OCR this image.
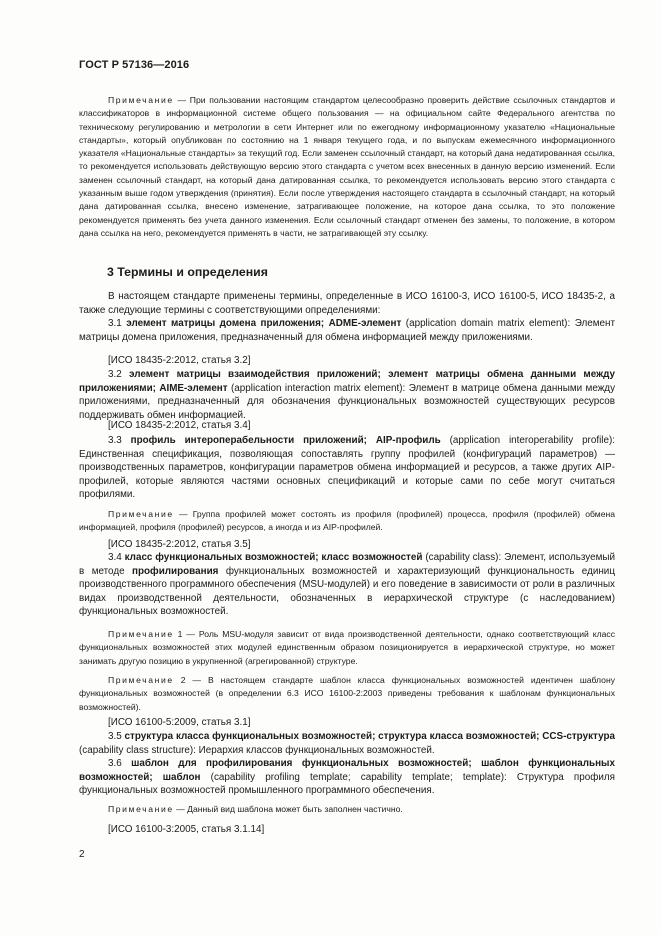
ГОСТ Р 57136—2016
Примечание — При пользовании настоящим стандартом целесообразно проверить действие ссылочных стандартов и классификаторов в информационной системе общего пользования — на официальном сайте Федерального агентства по техническому регулированию и метрологии в сети Интернет или по ежегодному информационному указателю «Национальные стандарты», который опубликован по состоянию на 1 января текущего года, и по выпускам ежемесячного информационного указателя «Национальные стандарты» за текущий год. Если заменен ссылочный стандарт, на который дана недатированная ссылка, то рекомендуется использовать действующую версию этого стандарта с учетом всех внесенных в данную версию изменений. Если заменен ссылочный стандарт, на который дана датированная ссылка, то рекомендуется использовать версию этого стандарта с указанным выше годом утверждения (принятия). Если после утверждения настоящего стандарта в ссылочный стандарт, на который дана датированная ссылка, внесено изменение, затрагивающее положение, на которое дана ссылка, то это положение рекомендуется применять без учета данного изменения. Если ссылочный стандарт отменен без замены, то положение, в котором дана ссылка на него, рекомендуется применять в части, не затрагивающей эту ссылку.
3 Термины и определения
В настоящем стандарте применены термины, определенные в ИСО 16100-3, ИСО 16100-5, ИСО 18435-2, а также следующие термины с соответствующими определениями:
3.1 элемент матрицы домена приложения; ADME-элемент (application domain matrix element): Элемент матрицы домена приложения, предназначенный для обмена информацией между приложениями.
[ИСО 18435-2:2012, статья 3.2]
3.2 элемент матрицы взаимодействия приложений; элемент матрицы обмена данными между приложениями; AIME-элемент (application interaction matrix element): Элемент в матрице обмена данными между приложениями, предназначенный для обозначения функциональных возможностей существующих ресурсов поддерживать обмен информацией.
[ИСО 18435-2:2012, статья 3.4]
3.3 профиль интероперабельности приложений; AIP-профиль (application interoperability profile): Единственная спецификация, позволяющая сопоставлять группу профилей (конфигураций параметров) — производственных параметров, конфигурации параметров обмена информацией и ресурсов, а также других AIP-профилей, которые являются частями основных спецификаций и которые сами по себе могут считаться профилями.
Примечание — Группа профилей может состоять из профиля (профилей) процесса, профиля (профилей) обмена информацией, профиля (профилей) ресурсов, а иногда и из AIP-профилей.
[ИСО 18435-2:2012, статья 3.5]
3.4 класс функциональных возможностей; класс возможностей (capability class): Элемент, используемый в методе профилирования функциональных возможностей и характеризующий функциональность единиц производственного программного обеспечения (MSU-модулей) и его поведение в зависимости от роли в различных видах производственной деятельности, обозначенных в иерархической структуре (с наследованием) функциональных возможностей.
Примечание 1 — Роль MSU-модуля зависит от вида производственной деятельности, однако соответствующий класс функциональных возможностей этих модулей единственным образом позиционируется в иерархической структуре, но может занимать другую позицию в укрупненной (агрегированной) структуре.
Примечание 2 — В настоящем стандарте шаблон класса функциональных возможностей идентичен шаблону функциональных возможностей (в определении 6.3 ИСО 16100-2:2003 приведены требования к шаблонам функциональных возможностей).
[ИСО 16100-5:2009, статья 3.1]
3.5 структура класса функциональных возможностей; структура класса возможностей; CCS-структура (capability class structure): Иерархия классов функциональных возможностей.
3.6 шаблон для профилирования функциональных возможностей; шаблон функциональных возможностей; шаблон (capability profiling template; capability template; template): Структура профиля функциональных возможностей промышленного программного обеспечения.
Примечание — Данный вид шаблона может быть заполнен частично.
[ИСО 16100-3:2005, статья 3.1.14]
2
